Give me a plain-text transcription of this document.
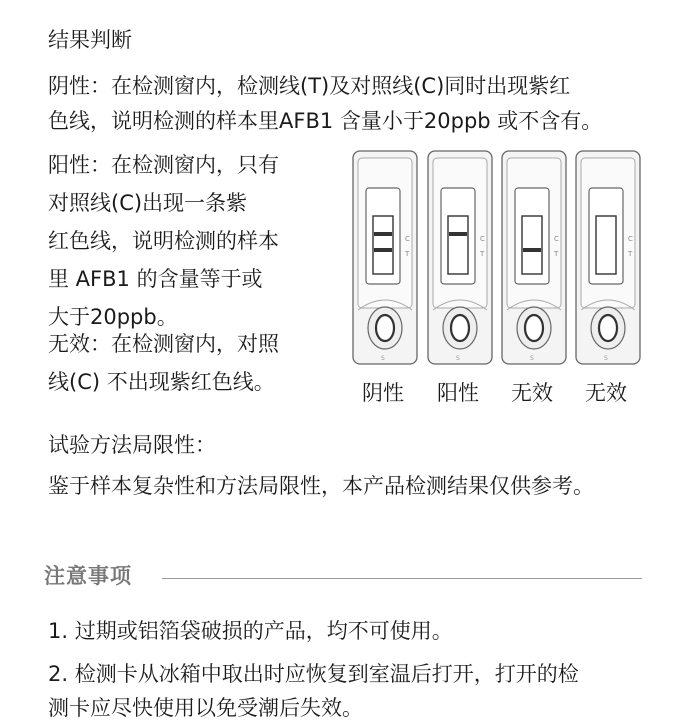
结果判断
阴性：在检测窗内，检测线(T)及对照线(C)同时出现紫红
色线，说明检测的样本里AFB1 含量小于20ppb 或不含有。
阳性：在检测窗内，只有
对照线(C)出现一条紫
红色线，说明检测的样本
里 AFB1 的含量等于或
大于20ppb。
无效：在检测窗内，对照
线(C) 不出现紫红色线。
C
T
S
C
T
S
C
T
S
C
T
S
阴性	阳性	无效	无效
试验方法局限性：
鉴于样本复杂性和方法局限性，本产品检测结果仅供参考。
注意事项
1. 过期或铝箔袋破损的产品，均不可使用。
2. 检测卡从冰箱中取出时应恢复到室温后打开，打开的检
测卡应尽快使用以免受潮后失效。
